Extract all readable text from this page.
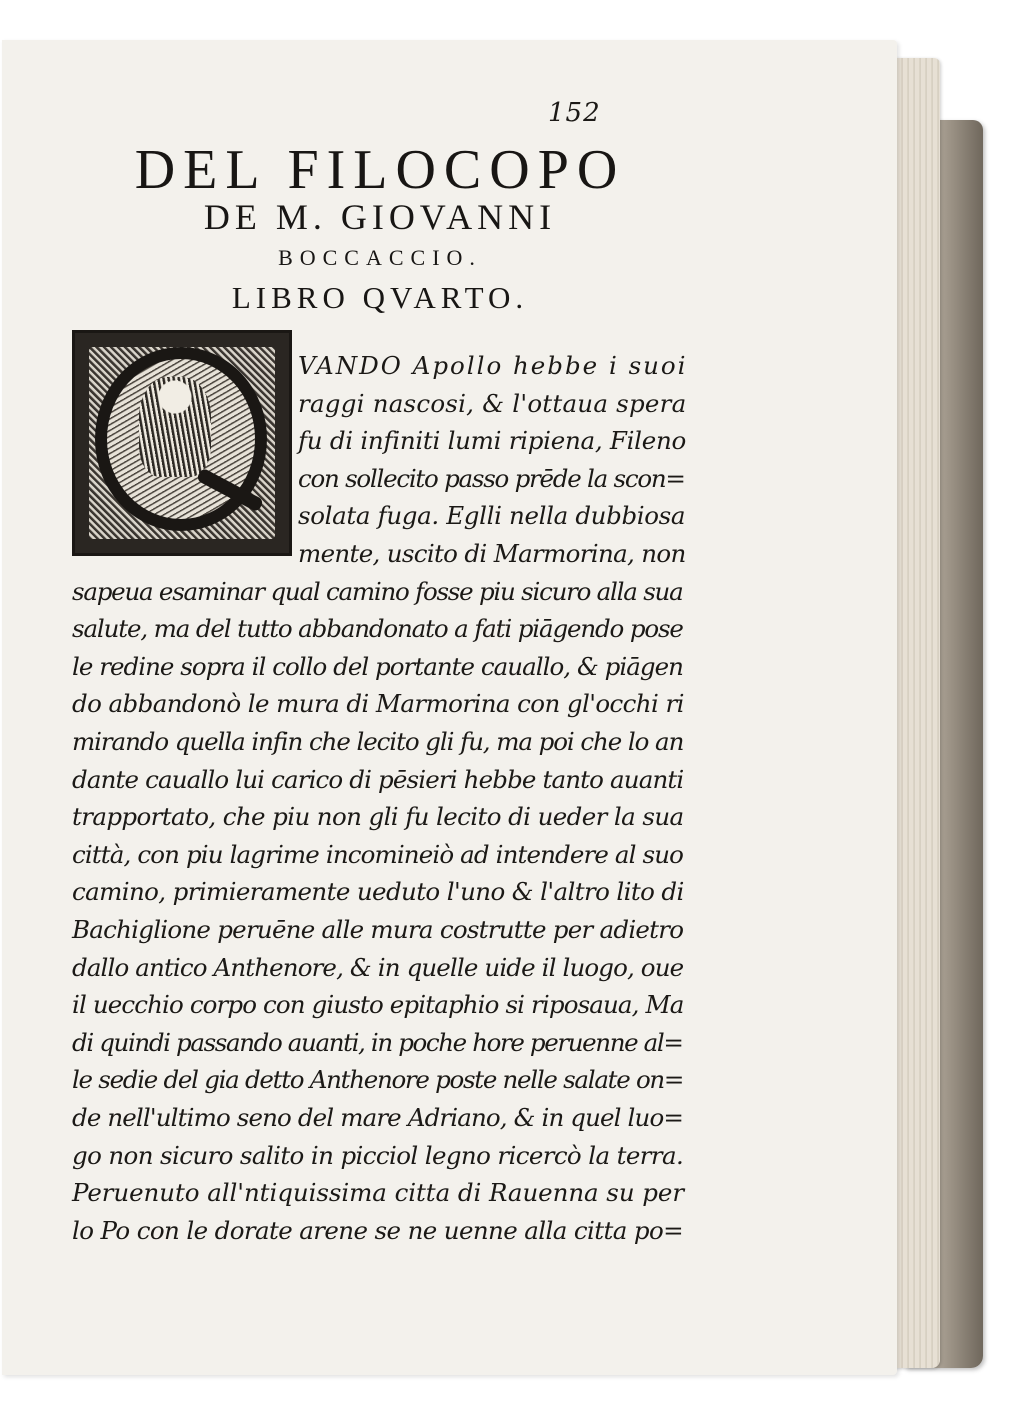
152
DEL FILOCOPO
DE M. GIOVANNI
BOCCACCIO.
LIBRO QVARTO.
VANDO Apollo hebbe i suoi
raggi nascosi, & l'ottaua spera
fu di infiniti lumi ripiena, Fileno
con sollecito passo prēde la scon=
solata fuga. Eglli nella dubbiosa
mente, uscito di Marmorina, non
sapeua esaminar qual camino fosse piu sicuro alla sua
salute, ma del tutto abbandonato a fati piāgendo pose
le redine sopra il collo del portante cauallo, & piāgen
do abbandonò le mura di Marmorina con gl'occhi ri
mirando quella infin che lecito gli fu, ma poi che lo an
dante cauallo lui carico di pēsieri hebbe tanto auanti
trapportato, che piu non gli fu lecito di ueder la sua
città, con piu lagrime incomineiò ad intendere al suo
camino, primieramente ueduto l'uno & l'altro lito di
Bachiglione peruēne alle mura costrutte per adietro
dallo antico Anthenore, & in quelle uide il luogo, oue
il uecchio corpo con giusto epitaphio si riposaua, Ma
di quindi passando auanti, in poche hore peruenne al=
le sedie del gia detto Anthenore poste nelle salate on=
de nell'ultimo seno del mare Adriano, & in quel luo=
go non sicuro salito in picciol legno ricercò la terra.
Peruenuto all'ntiquissima citta di Rauenna su per
lo Po con le dorate arene se ne uenne alla citta po=
